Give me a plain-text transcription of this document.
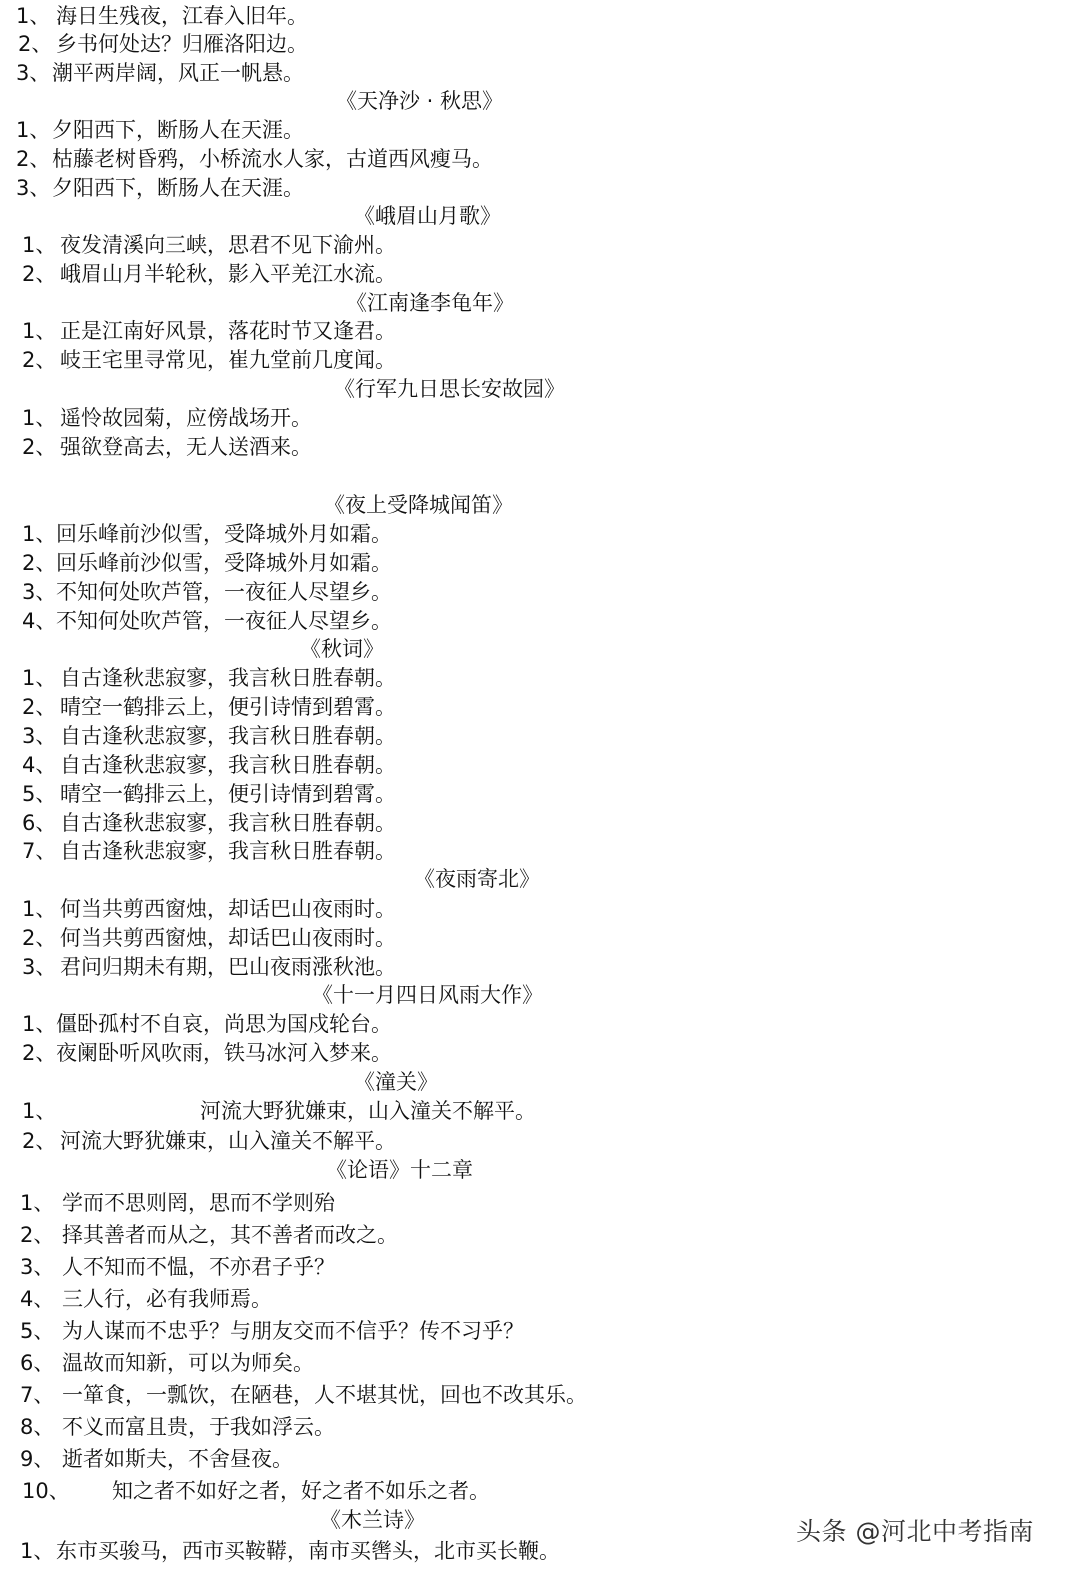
1、 海日生残夜，江春入旧年。
2、 乡书何处达？归雁洛阳边。
3、 潮平两岸阔，风正一帆悬。
《天净沙 · 秋思》
1、 夕阳西下，断肠人在天涯。
2、 枯藤老树昏鸦，小桥流水人家，古道西风瘦马。
3、 夕阳西下，断肠人在天涯。
《峨眉山月歌》
1、 夜发清溪向三峡，思君不见下渝州。
2、 峨眉山月半轮秋，影入平羌江水流。
《江南逢李龟年》
1、 正是江南好风景，落花时节又逢君。
2、 岐王宅里寻常见，崔九堂前几度闻。
《行军九日思长安故园》
1、 遥怜故园菊，应傍战场开。
2、 强欲登高去，无人送酒来。
《夜上受降城闻笛》
1、 回乐峰前沙似雪，受降城外月如霜。
2、 回乐峰前沙似雪，受降城外月如霜。
3、 不知何处吹芦管，一夜征人尽望乡。
4、 不知何处吹芦管，一夜征人尽望乡。
《秋词》
1、 自古逢秋悲寂寥，我言秋日胜春朝。
2、 晴空一鹤排云上，便引诗情到碧霄。
3、 自古逢秋悲寂寥，我言秋日胜春朝。
4、 自古逢秋悲寂寥，我言秋日胜春朝。
5、 晴空一鹤排云上，便引诗情到碧霄。
6、 自古逢秋悲寂寥，我言秋日胜春朝。
7、 自古逢秋悲寂寥，我言秋日胜春朝。
《夜雨寄北》
1、 何当共剪西窗烛，却话巴山夜雨时。
2、 何当共剪西窗烛，却话巴山夜雨时。
3、 君问归期未有期，巴山夜雨涨秋池。
《十一月四日风雨大作》
1、 僵卧孤村不自哀，尚思为国戍轮台。
2、 夜阑卧听风吹雨，铁马冰河入梦来。
《潼关》
1、	河流大野犹嫌束，山入潼关不解平。
2、 河流大野犹嫌束，山入潼关不解平。
《论语》十二章
1、 学而不思则罔，思而不学则殆
2、 择其善者而从之，其不善者而改之。
3、 人不知而不愠，不亦君子乎？
4、 三人行，必有我师焉。
5、 为人谋而不忠乎？与朋友交而不信乎？传不习乎？
6、 温故而知新，可以为师矣。
7、 一箪食，一瓢饮，在陋巷，人不堪其忧，回也不改其乐。
8、 不义而富且贵，于我如浮云。
9、 逝者如斯夫，不舍昼夜。
10、 知之者不如好之者，好之者不如乐之者。
《木兰诗》
1、 东市买骏马，西市买鞍鞯，南市买辔头，北市买长鞭。
头条 @河北中考指南
